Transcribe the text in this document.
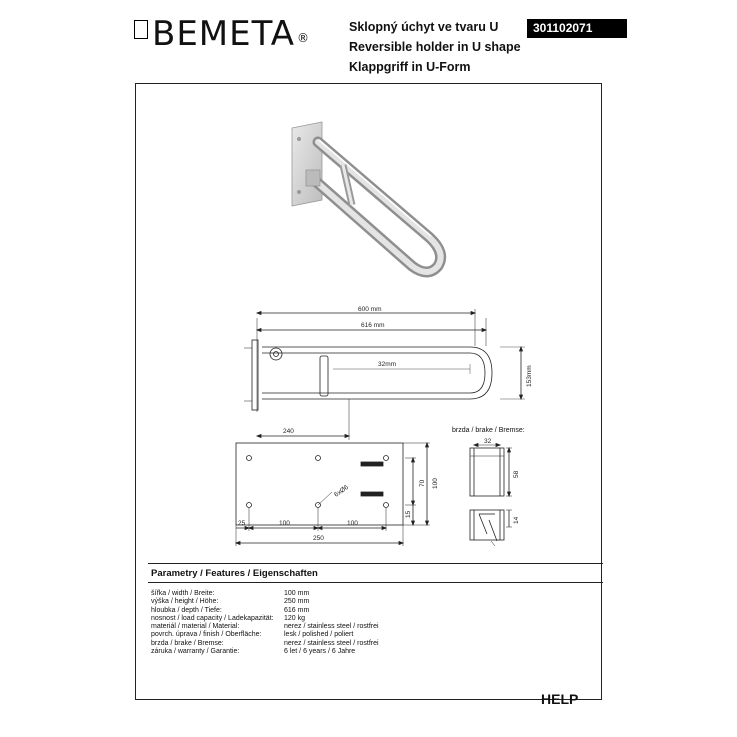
BEMETA ®
Sklopný úchyt ve tvaru U
Reversible holder in U shape
Klappgriff in U-Form
301102071
600 mm
616 mm
32mm
153mm
240
25	100	100
250
6xØ6
70 100
15
32
58
14
brzda / brake / Bremse:
Parametry / Features / Eigenschaften
šířka / width / Breite:
výška / height / Höhe:
hloubka / depth / Tiefe:
nosnost / load capacity / Ladekapazität:
materiál / material / Material:
povrch. úprava / finish / Oberfläche:
brzda / brake / Bremse:
záruka / warranty / Garantie:
100 mm
250 mm
616 mm
120 kg
nerez / stainless steel / rostfrei
lesk / polished / poliert
nerez / stainless steel / rostfrei
6 let / 6 years / 6 Jahre
HELP
